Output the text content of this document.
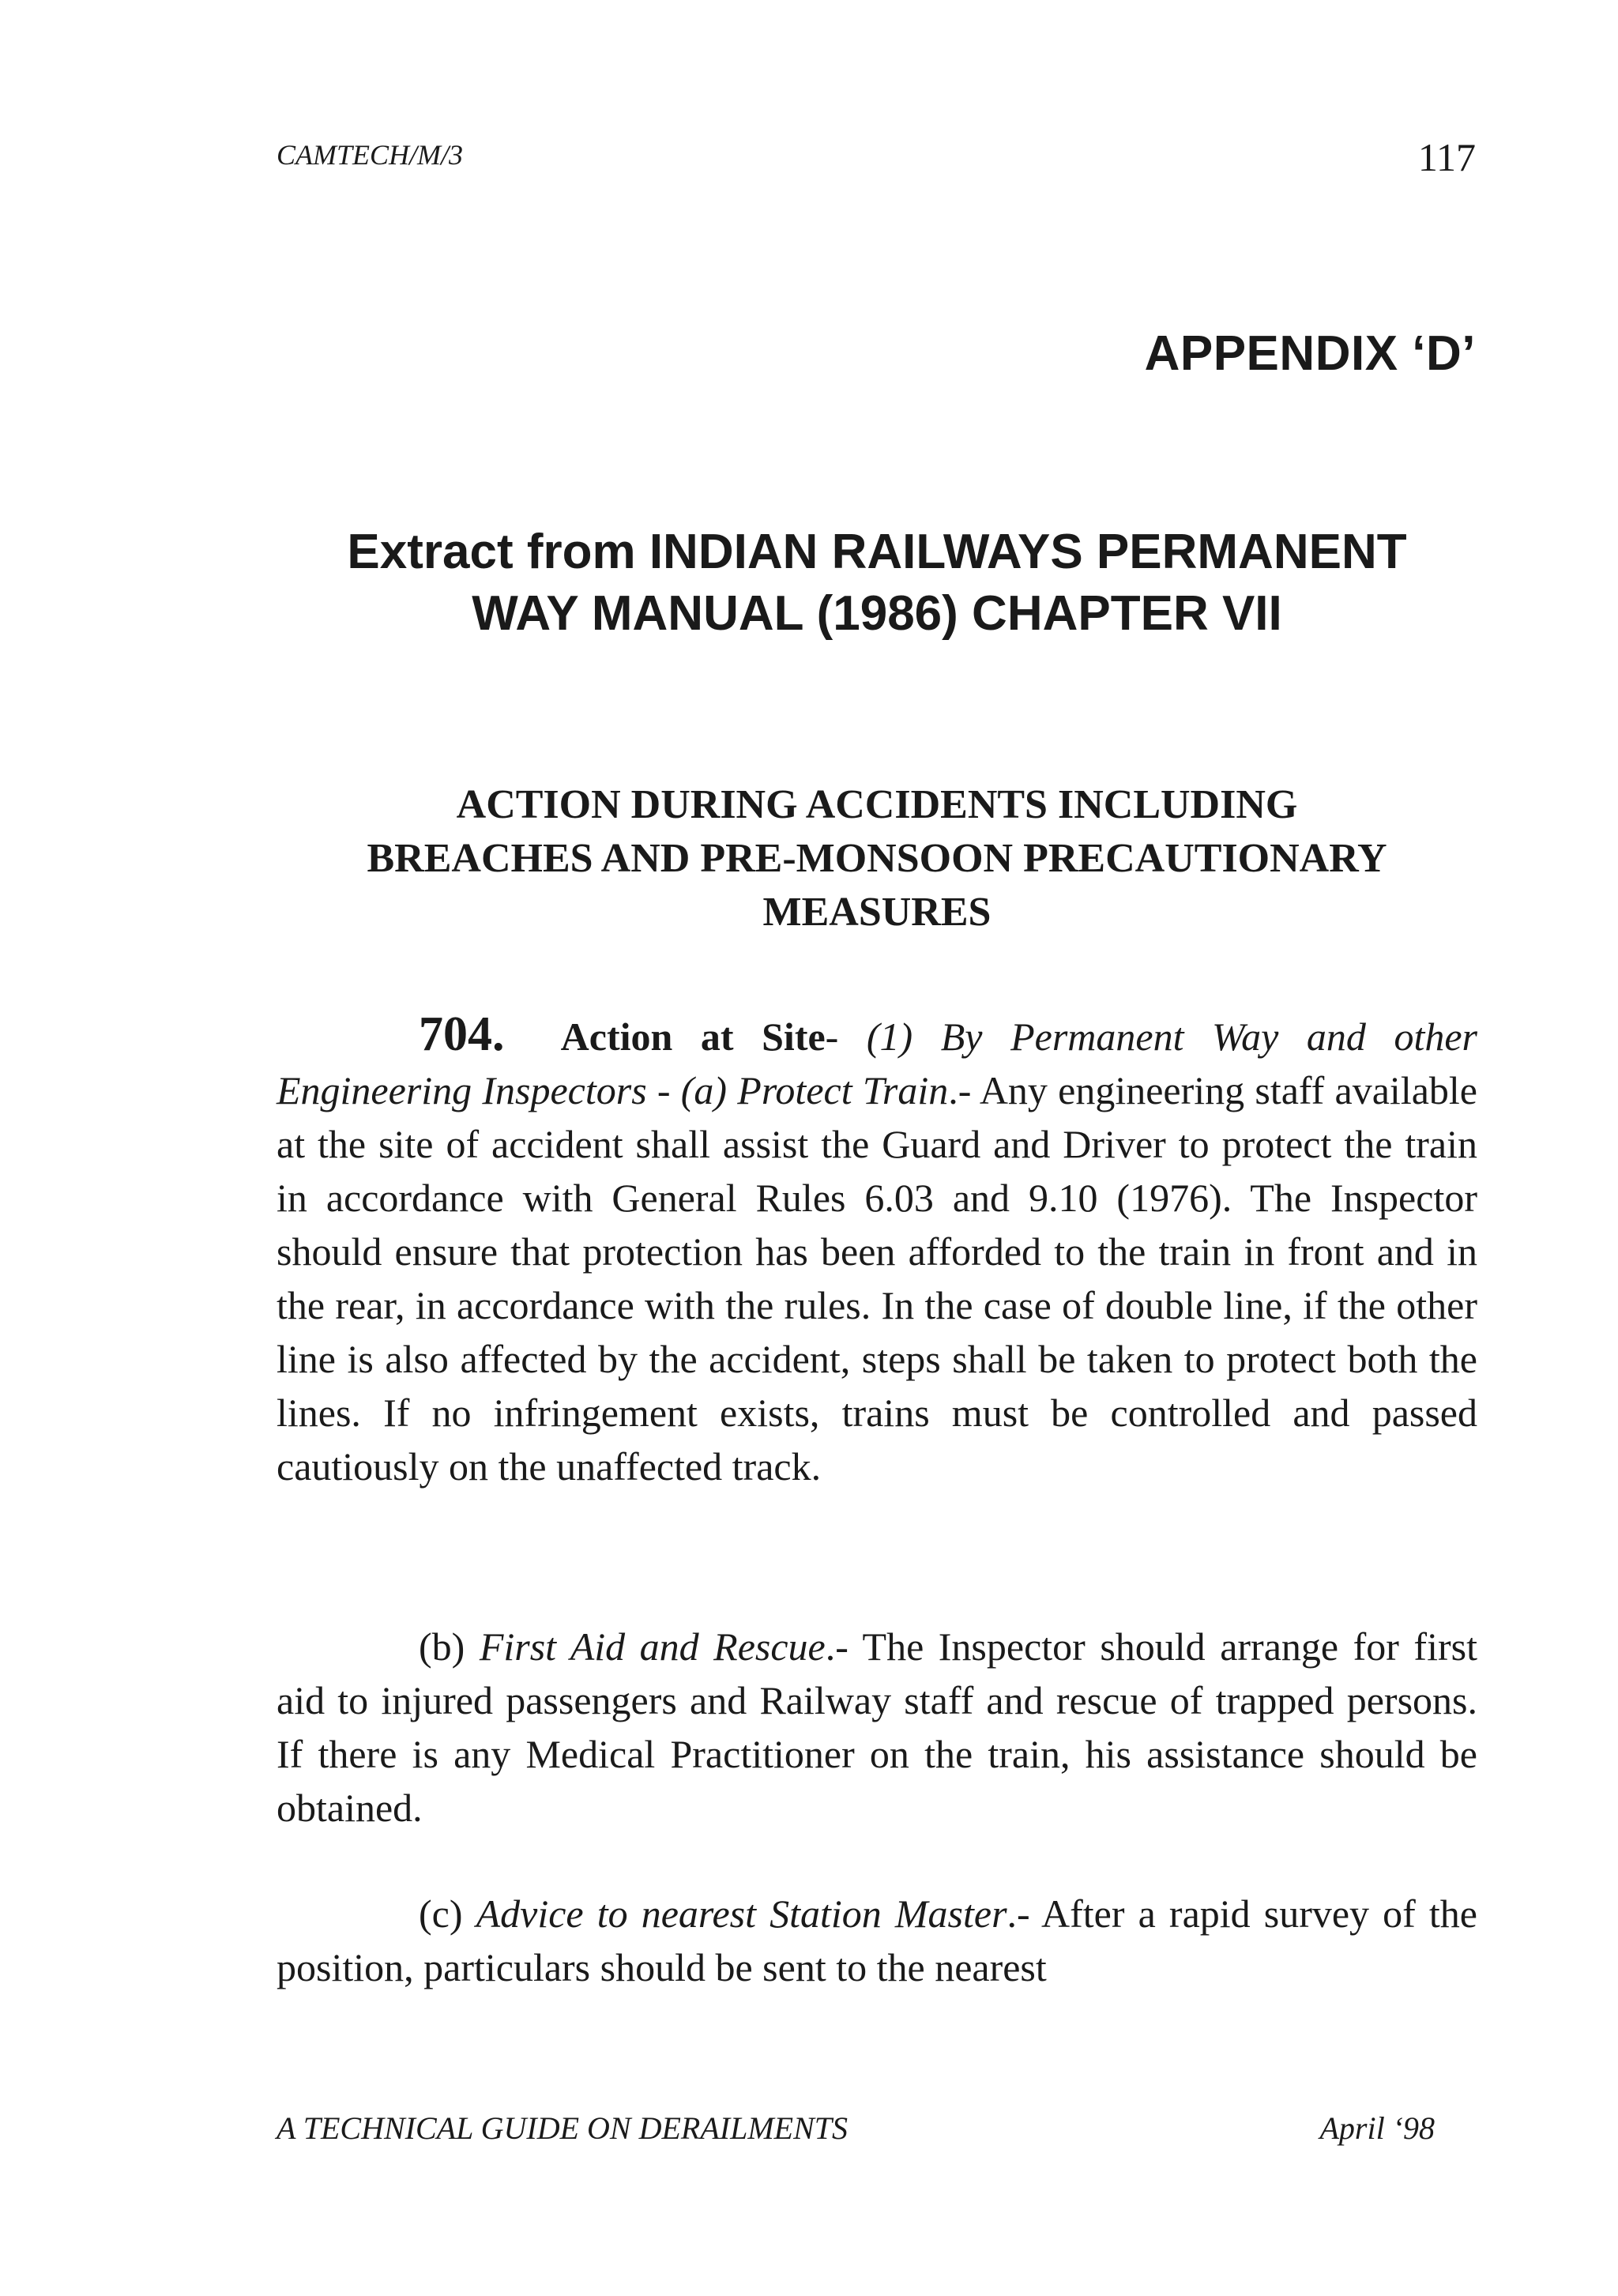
CAMTECH/M/3	117
APPENDIX ‘D’
Extract from INDIAN RAILWAYS PERMANENT
WAY MANUAL (1986) CHAPTER VII
ACTION DURING ACCIDENTS INCLUDING
BREACHES AND PRE-MONSOON PRECAUTIONARY
MEASURES
704. Action at Site- (1) By Permanent Way and other Engineering Inspectors - (a) Protect Train.- Any engineering staff available at the site of accident shall assist the Guard and Driver to protect the train in accordance with General Rules 6.03 and 9.10 (1976). The Inspector should ensure that protection has been afforded to the train in front and in the rear, in accordance with the rules. In the case of double line, if the other line is also affected by the accident, steps shall be taken to protect both the lines. If no infringement exists, trains must be controlled and passed cautiously on the unaffected track.
(b) First Aid and Rescue.- The Inspector should arrange for first aid to injured passengers and Railway staff and rescue of trapped persons. If there is any Medical Practitioner on the train, his assistance should be obtained.
(c) Advice to nearest Station Master.- After a rapid survey of the position, particulars should be sent to the nearest
A TECHNICAL GUIDE ON DERAILMENTS	April ‘98
